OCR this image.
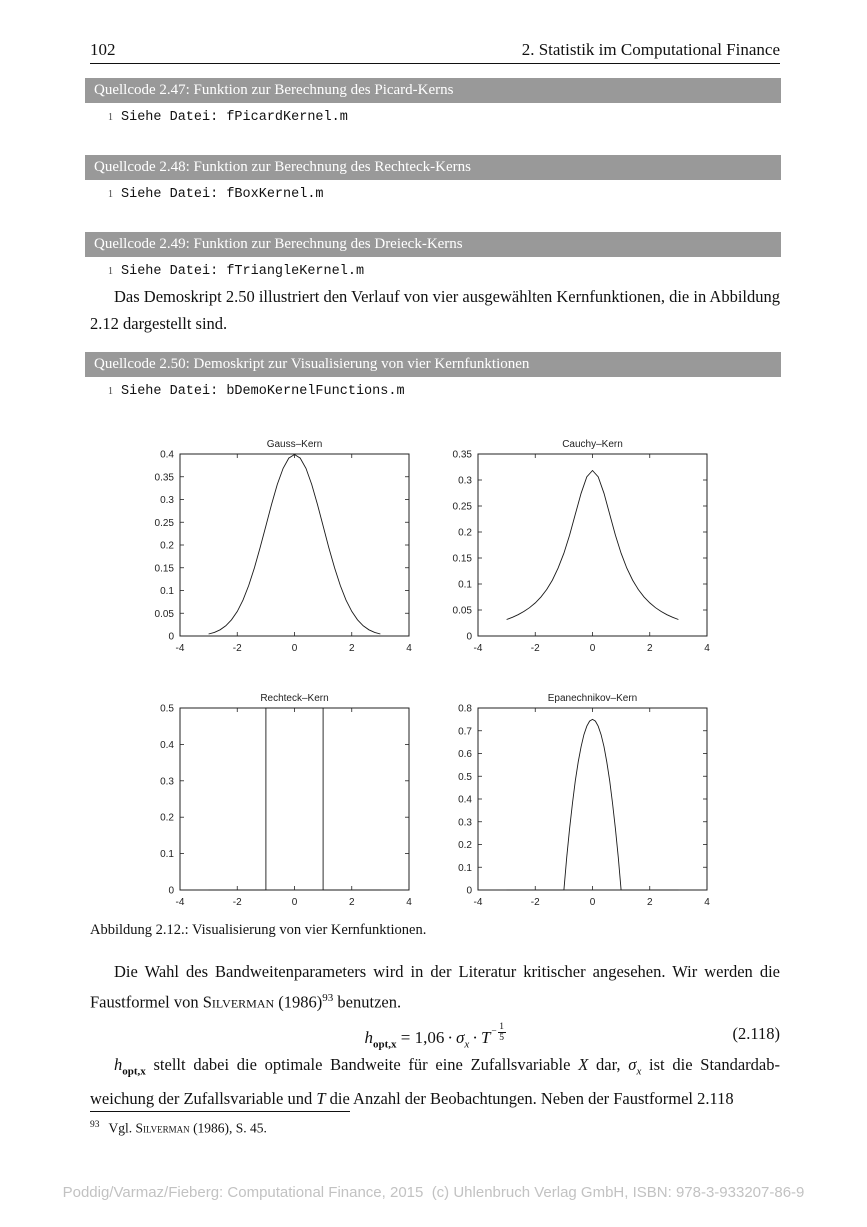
102	2. Statistik im Computational Finance
Quellcode 2.47: Funktion zur Berechnung des Picard-Kerns
1 Siehe Datei: fPicardKernel.m
Quellcode 2.48: Funktion zur Berechnung des Rechteck-Kerns
1 Siehe Datei: fBoxKernel.m
Quellcode 2.49: Funktion zur Berechnung des Dreieck-Kerns
1 Siehe Datei: fTriangleKernel.m

Das Demoskript 2.50 illustriert den Verlauf von vier ausgewählten Kernfunktionen, die in Abbildung 2.12 dargestellt sind.

Quellcode 2.50: Demoskript zur Visualisierung von vier Kernfunktionen
1 Siehe Datei: bDemoKernelFunctions.m
-4	-2	0	2	4
0
0.05
0.1
0.15
0.2
0.25
0.3
0.35
0.4
Gauss–Kern
-4	-2	0	2	4
0
0.05
0.1
0.15
0.2
0.25
0.3
0.35
Cauchy–Kern
-4	-2	0	2	4
0
0.1
0.2
0.3
0.4
0.5
Rechteck–Kern
-4	-2	0	2	4
0
0.1
0.2
0.3
0.4
0.5
0.6
0.7
0.8
Epanechnikov–Kern
Abbildung 2.12.: Visualisierung von vier Kernfunktionen.

Die Wahl des Bandweitenparameters wird in der Literatur kritischer angesehen. Wir werden die Faustformel von Silverman (1986)$^{93}$ benutzen.

$h_{opt,x} = 1,06 \cdot \sigma_x \cdot T - \frac{1}{5}$	(2.118)

$h_{opt,x}$ stellt dabei die optimale Bandweite für eine Zufallsvariable X dar, $\sigma_x$ ist die Standardabweichung der Zufallsvariable und T die Anzahl der Beobachtungen. Neben der Faustformel 2.118

$^{93}$ Vgl. Silverman (1986), S. 45.
Poddig/Varmaz/Fieberg: Computational Finance, 2015  (c) Uhlenbruch Verlag GmbH, ISBN: 978-3-933207-86-9
